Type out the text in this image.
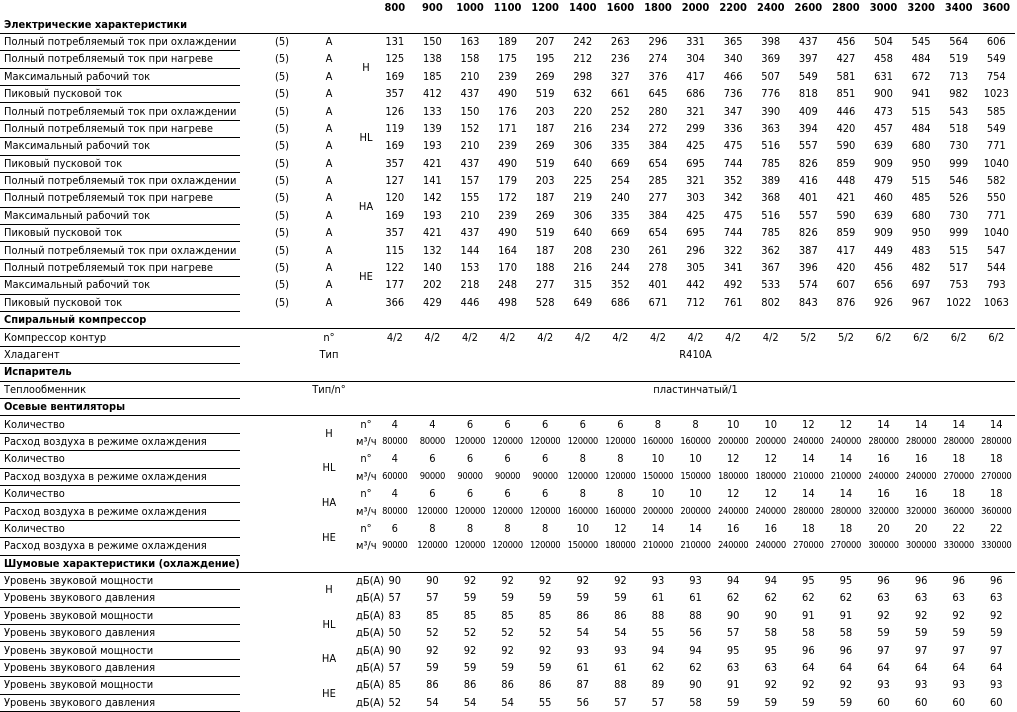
					800	900	1000	1100	1200	1400	1600	1800	2000	2200	2400	2600	2800	3000	3200	3400	3600
Электрические характеристики																					
Полный потребляемый ток при охлаждении		(5)	А	H	131	150	163	189	207	242	263	296	331	365	398	437	456	504	545	564	606
Полный потребляемый ток при нагреве		(5)	А		125	138	158	175	195	212	236	274	304	340	369	397	427	458	484	519	549
Максимальный рабочий ток		(5)	А		169	185	210	239	269	298	327	376	417	466	507	549	581	631	672	713	754
Пиковый пусковой ток		(5)	А		357	412	437	490	519	632	661	645	686	736	776	818	851	900	941	982	1023
Полный потребляемый ток при охлаждении		(5)	А	HL	126	133	150	176	203	220	252	280	321	347	390	409	446	473	515	543	585
Полный потребляемый ток при нагреве		(5)	А		119	139	152	171	187	216	234	272	299	336	363	394	420	457	484	518	549
Максимальный рабочий ток		(5)	А		169	193	210	239	269	306	335	384	425	475	516	557	590	639	680	730	771
Пиковый пусковой ток		(5)	А		357	421	437	490	519	640	669	654	695	744	785	826	859	909	950	999	1040
Полный потребляемый ток при охлаждении		(5)	А	HA	127	141	157	179	203	225	254	285	321	352	389	416	448	479	515	546	582
Полный потребляемый ток при нагреве		(5)	А		120	142	155	172	187	219	240	277	303	342	368	401	421	460	485	526	550
Максимальный рабочий ток		(5)	А		169	193	210	239	269	306	335	384	425	475	516	557	590	639	680	730	771
Пиковый пусковой ток		(5)	А		357	421	437	490	519	640	669	654	695	744	785	826	859	909	950	999	1040
Полный потребляемый ток при охлаждении		(5)	А	HE	115	132	144	164	187	208	230	261	296	322	362	387	417	449	483	515	547
Полный потребляемый ток при нагреве		(5)	А		122	140	153	170	188	216	244	278	305	341	367	396	420	456	482	517	544
Максимальный рабочий ток		(5)	А		177	202	218	248	277	315	352	401	442	492	533	574	607	656	697	753	793
Пиковый пусковой ток		(5)	А		366	429	446	498	528	649	686	671	712	761	802	843	876	926	967	1022	1063
Спиральный компрессор																					
Компрессор контур			n°		4/2	4/2	4/2	4/2	4/2	4/2	4/2	4/2	4/2	4/2	4/2	5/2	5/2	6/2	6/2	6/2	6/2
Хладагент			Тип		R410A																
Испаритель																					
Теплообменник			Тип/n°		пластинчатый/1																
Осевые вентиляторы																					
Количество			H	n°	4	4	6	6	6	6	6	8	8	10	10	12	12	14	14	14	14
Расход воздуха в режиме охлаждения				м³/ч	80000	80000	120000	120000	120000	120000	120000	160000	160000	200000	200000	240000	240000	280000	280000	280000	280000
Количество			HL	n°	4	6	6	6	6	8	8	10	10	12	12	14	14	16	16	18	18
Расход воздуха в режиме охлаждения				м³/ч	60000	90000	90000	90000	90000	120000	120000	150000	150000	180000	180000	210000	210000	240000	240000	270000	270000
Количество			HA	n°	4	6	6	6	6	8	8	10	10	12	12	14	14	16	16	18	18
Расход воздуха в режиме охлаждения				м³/ч	80000	120000	120000	120000	120000	160000	160000	200000	200000	240000	240000	280000	280000	320000	320000	360000	360000
Количество			HE	n°	6	8	8	8	8	10	12	14	14	16	16	18	18	20	20	22	22
Расход воздуха в режиме охлаждения				м³/ч	90000	120000	120000	120000	120000	150000	180000	210000	210000	240000	240000	270000	270000	300000	300000	330000	330000
Шумовые характеристики (охлаждение)																					
Уровень звуковой мощности			H	дБ(А)	90	90	92	92	92	92	92	93	93	94	94	95	95	96	96	96	96
Уровень звукового давления				дБ(А)	57	57	59	59	59	59	59	61	61	62	62	62	62	63	63	63	63
Уровень звуковой мощности			HL	дБ(А)	83	85	85	85	85	86	86	88	88	90	90	91	91	92	92	92	92
Уровень звукового давления				дБ(А)	50	52	52	52	52	54	54	55	56	57	58	58	58	59	59	59	59
Уровень звуковой мощности			HA	дБ(А)	90	92	92	92	92	93	93	94	94	95	95	96	96	97	97	97	97
Уровень звукового давления				дБ(А)	57	59	59	59	59	61	61	62	62	63	63	64	64	64	64	64	64
Уровень звуковой мощности			HE	дБ(А)	85	86	86	86	86	87	88	89	90	91	92	92	92	93	93	93	93
Уровень звукового давления				дБ(А)	52	54	54	54	55	56	57	57	58	59	59	59	59	60	60	60	60
